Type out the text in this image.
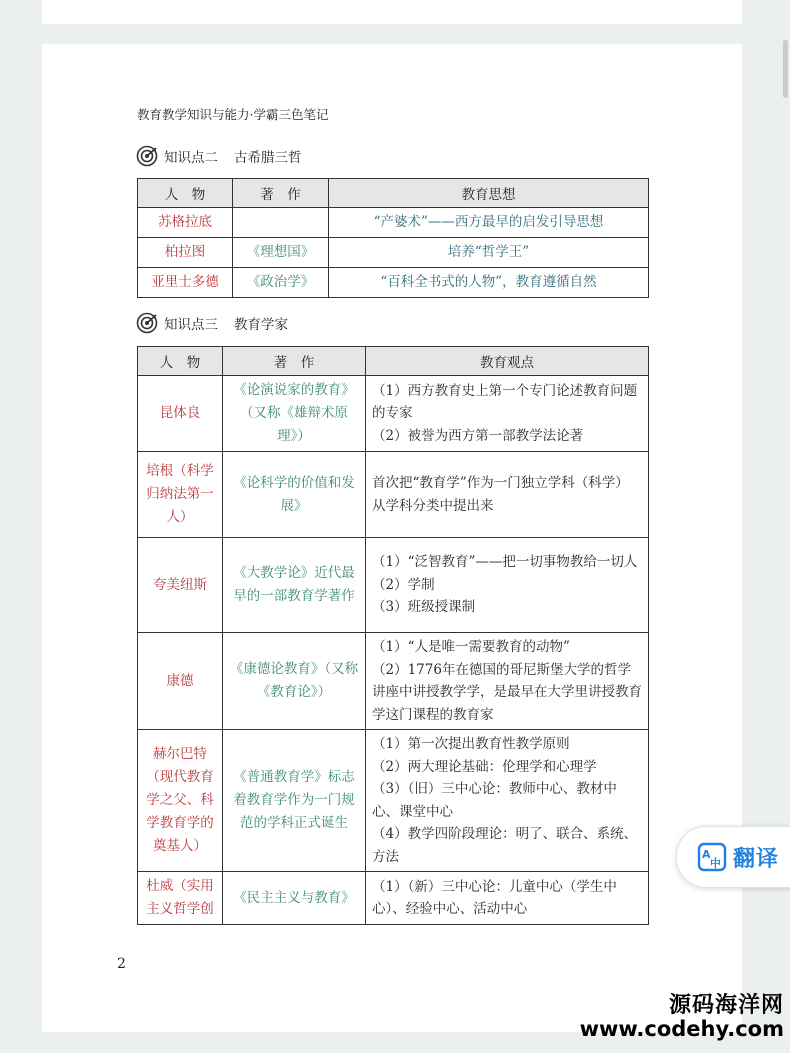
教育教学知识与能力·学霸三色笔记
知识点二 古希腊三哲
人　物	著　作	教育思想
苏格拉底		“产婆术”——西方最早的启发引导思想
柏拉图	《理想国》	培养“哲学王”
亚里士多德	《政治学》	“百科全书式的人物”，教育遵循自然
知识点三 教育学家
人　物	著　作	教育观点
昆体良	《论演说家的教育》（又称《雄辩术原理》）	（1）西方教育史上第一个专门论述教育问题的专家
（2）被誉为西方第一部教学法论著

培根（科学归纳法第一人）	《论科学的价值和发展》	首次把“教育学”作为一门独立学科（科学）从学科分类中提出来

夸美纽斯	《大教学论》近代最早的一部教育学著作	（1）“泛智教育”——把一切事物教给一切人
（2）学制
（3）班级授课制

康德	《康德论教育》（又称《教育论》）	（1）“人是唯一需要教育的动物”
（2）1776年在德国的哥尼斯堡大学的哲学讲座中讲授教学学，是最早在大学里讲授教育学这门课程的教育家

赫尔巴特（现代教育学之父、科学教育学的奠基人）	《普通教育学》标志着教育学作为一门规范的学科正式诞生	（1）第一次提出教育性教学原则
（2）两大理论基础：伦理学和心理学
（3）（旧）三中心论：教师中心、教材中心、课堂中心
（4）教学四阶段理论：明了、联合、系统、方法

杜威（实用主义哲学创	《民主主义与教育》	（1）（新）三中心论：儿童中心（学生中心）、经验中心、活动中心
2
A
中 翻译
源码海洋网
www.codehy.com
